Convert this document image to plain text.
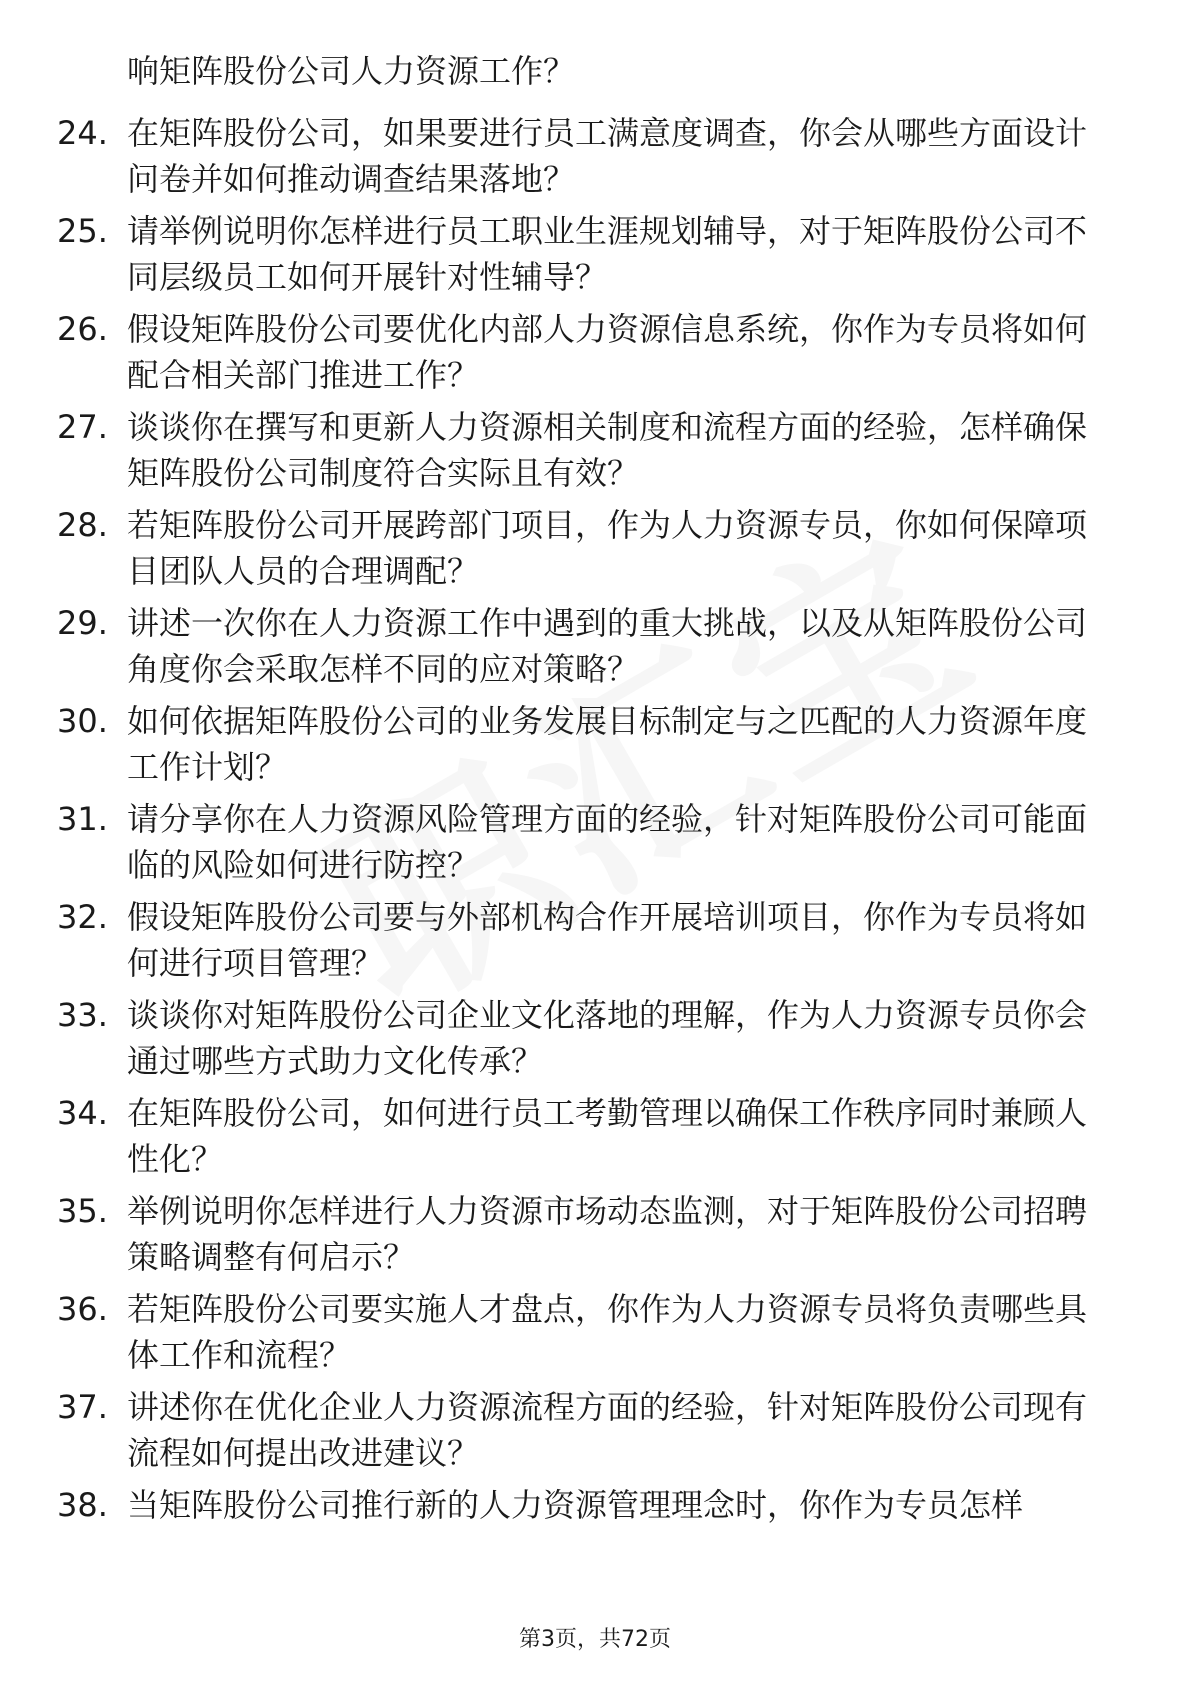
响矩阵股份公司人力资源工作？

24. 在矩阵股份公司，如果要进行员工满意度调查，你会从哪些方面设计问卷并如何推动调查结果落地？
25. 请举例说明你怎样进行员工职业生涯规划辅导，对于矩阵股份公司不同层级员工如何开展针对性辅导？
26. 假设矩阵股份公司要优化内部人力资源信息系统，你作为专员将如何配合相关部门推进工作？
27. 谈谈你在撰写和更新人力资源相关制度和流程方面的经验，怎样确保矩阵股份公司制度符合实际且有效？
28. 若矩阵股份公司开展跨部门项目，作为人力资源专员，你如何保障项目团队人员的合理调配？
29. 讲述一次你在人力资源工作中遇到的重大挑战，以及从矩阵股份公司角度你会采取怎样不同的应对策略？
30. 如何依据矩阵股份公司的业务发展目标制定与之匹配的人力资源年度工作计划？
31. 请分享你在人力资源风险管理方面的经验，针对矩阵股份公司可能面临的风险如何进行防控？
32. 假设矩阵股份公司要与外部机构合作开展培训项目，你作为专员将如何进行项目管理？
33. 谈谈你对矩阵股份公司企业文化落地的理解，作为人力资源专员你会通过哪些方式助力文化传承？
34. 在矩阵股份公司，如何进行员工考勤管理以确保工作秩序同时兼顾人性化？
35. 举例说明你怎样进行人力资源市场动态监测，对于矩阵股份公司招聘策略调整有何启示？
36. 若矩阵股份公司要实施人才盘点，你作为人力资源专员将负责哪些具体工作和流程？
37. 讲述你在优化企业人力资源流程方面的经验，针对矩阵股份公司现有流程如何提出改进建议？
38. 当矩阵股份公司推行新的人力资源管理理念时，你作为专员怎样
第3页，共72页
